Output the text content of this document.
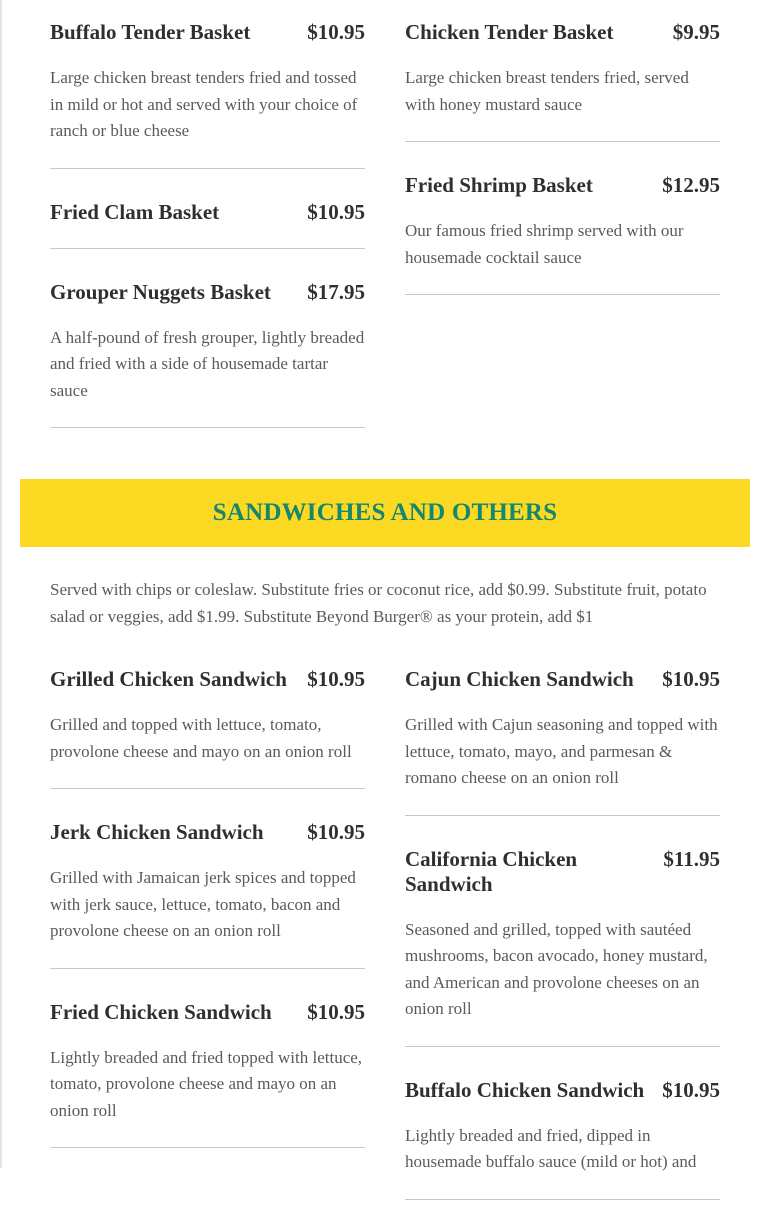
Buffalo Tender Basket	$10.95
Large chicken breast tenders fried and tossed in mild or hot and served with your choice of ranch or blue cheese
Fried Clam Basket	$10.95
Grouper Nuggets Basket $17.95
A half-pound of fresh grouper, lightly breaded and fried with a side of housemade tartar sauce
Chicken Tender Basket	$9.95
Large chicken breast tenders fried, served with honey mustard sauce
Fried Shrimp Basket	$12.95
Our famous fried shrimp served with our housemade cocktail sauce
SANDWICHES AND OTHERS
Served with chips or coleslaw. Substitute fries or coconut rice, add $0.99. Substitute fruit, potato salad or veggies, add $1.99. Substitute Beyond Burger® as your protein, add $1
Grilled Chicken Sandwich $10.95
Grilled and topped with lettuce, tomato, provolone cheese and mayo on an onion roll
Jerk Chicken Sandwich $10.95
Grilled with Jamaican jerk spices and topped with jerk sauce, lettuce, tomato, bacon and provolone cheese on an onion roll
Fried Chicken Sandwich $10.95
Lightly breaded and fried topped with lettuce, tomato, provolone cheese and mayo on an onion roll
Cajun Chicken Sandwich $10.95
Grilled with Cajun seasoning and topped with lettuce, tomato, mayo, and parmesan & romano cheese on an onion roll
California Chicken Sandwich
$11.95
Seasoned and grilled, topped with sautéed mushrooms, bacon avocado, honey mustard, and American and provolone cheeses on an onion roll
Buffalo Chicken Sandwich $10.95
Lightly breaded and fried, dipped in housemade buffalo sauce (mild or hot) and
